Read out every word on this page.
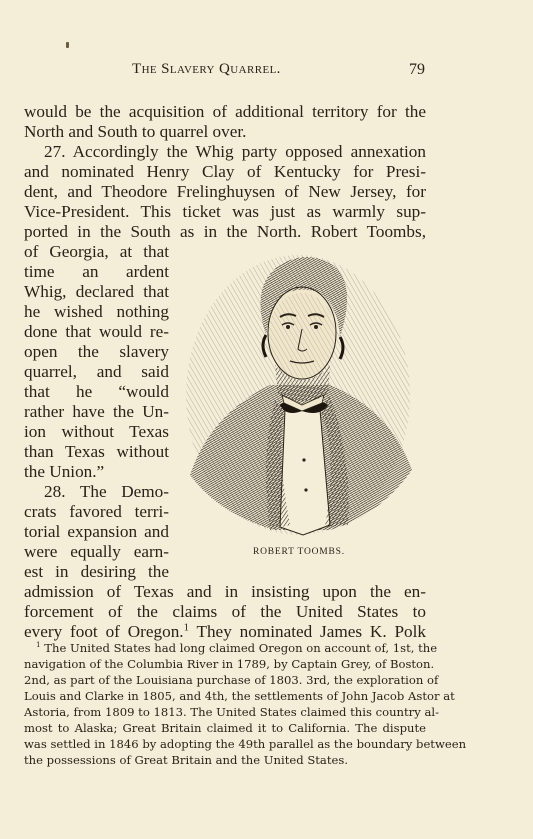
The Slavery Quarrel.	79
would be the acquisition of additional territory for the
North and South to quarrel over.
27. Accordingly the Whig party opposed annexation
and nominated Henry Clay of Kentucky for Presi-
dent, and Theodore Frelinghuysen of New Jersey, for
Vice-President. This ticket was just as warmly sup-
ported in the South as in the North. Robert Toombs,
of Georgia, at that
time an ardent
Whig, declared that
he wished nothing
done that would re-
open the slavery
quarrel, and said
that he “would
rather have the Un-
ion without Texas
than Texas without
the Union.”
28. The Demo-
crats favored terri-
torial expansion and
were equally earn-
est in desiring the
admission of Texas and in insisting upon the en-
forcement of the claims of the United States to
every foot of Oregon.$^1$ They nominated James K. Polk
ROBERT TOOMBS.
$^1$ The United States had long claimed Oregon on account of, 1st, the
navigation of the Columbia River in 1789, by Captain Grey, of Boston.
2nd, as part of the Louisiana purchase of 1803. 3rd, the exploration of
Louis and Clarke in 1805, and 4th, the settlements of John Jacob Astor at
Astoria, from 1809 to 1813. The United States claimed this country al-
most to Alaska; Great Britain claimed it to California. The dispute
was settled in 1846 by adopting the 49th parallel as the boundary between
the possessions of Great Britain and the United States.
